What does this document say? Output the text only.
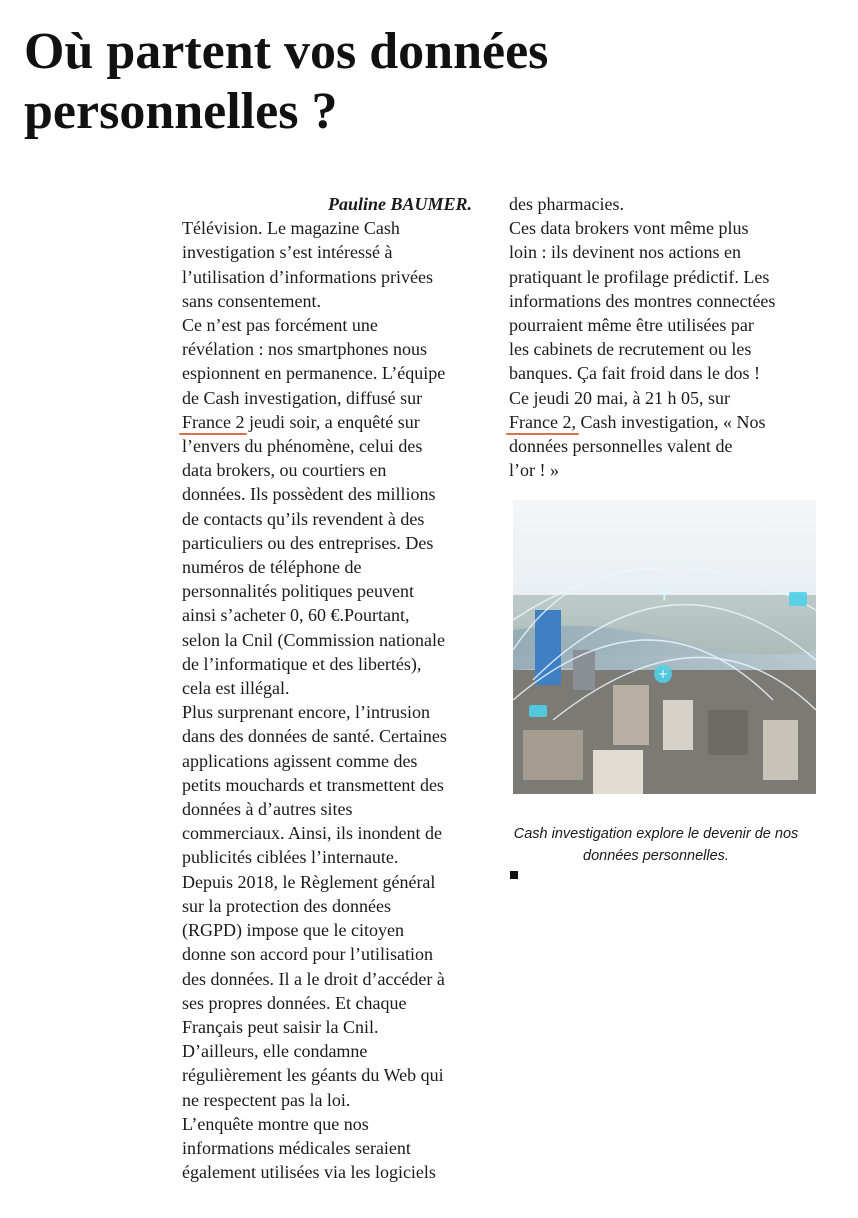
Où partent vos données
personnelles ?
Pauline BAUMER.
Télévision. Le magazine Cash
investigation s’est intéressé à
l’utilisation d’informations privées
sans consentement.
Ce n’est pas forcément une
révélation : nos smartphones nous
espionnent en permanence. L’équipe
de Cash investigation, diffusé sur
France 2 jeudi soir, a enquêté sur
l’envers du phénomène, celui des
data brokers, ou courtiers en
données. Ils possèdent des millions
de contacts qu’ils revendent à des
particuliers ou des entreprises. Des
numéros de téléphone de
personnalités politiques peuvent
ainsi s’acheter 0, 60 €.Pourtant,
selon la Cnil (Commission nationale
de l’informatique et des libertés),
cela est illégal.
Plus surprenant encore, l’intrusion
dans des données de santé. Certaines
applications agissent comme des
petits mouchards et transmettent des
données à d’autres sites
commerciaux. Ainsi, ils inondent de
publicités ciblées l’internaute.
Depuis 2018, le Règlement général
sur la protection des données
(RGPD) impose que le citoyen
donne son accord pour l’utilisation
des données. Il a le droit d’accéder à
ses propres données. Et chaque
Français peut saisir la Cnil.
D’ailleurs, elle condamne
régulièrement les géants du Web qui
ne respectent pas la loi.
L’enquête montre que nos
informations médicales seraient
également utilisées via les logiciels
des pharmacies.
Ces data brokers vont même plus
loin : ils devinent nos actions en
pratiquant le profilage prédictif. Les
informations des montres connectées
pourraient même être utilisées par
les cabinets de recrutement ou les
banques. Ça fait froid dans le dos !
Ce jeudi 20 mai, à 21 h 05, sur
France 2, Cash investigation, « Nos
données personnelles valent de
l’or ! »
+
⚲
Cash investigation explore le devenir de nos données personnelles.
